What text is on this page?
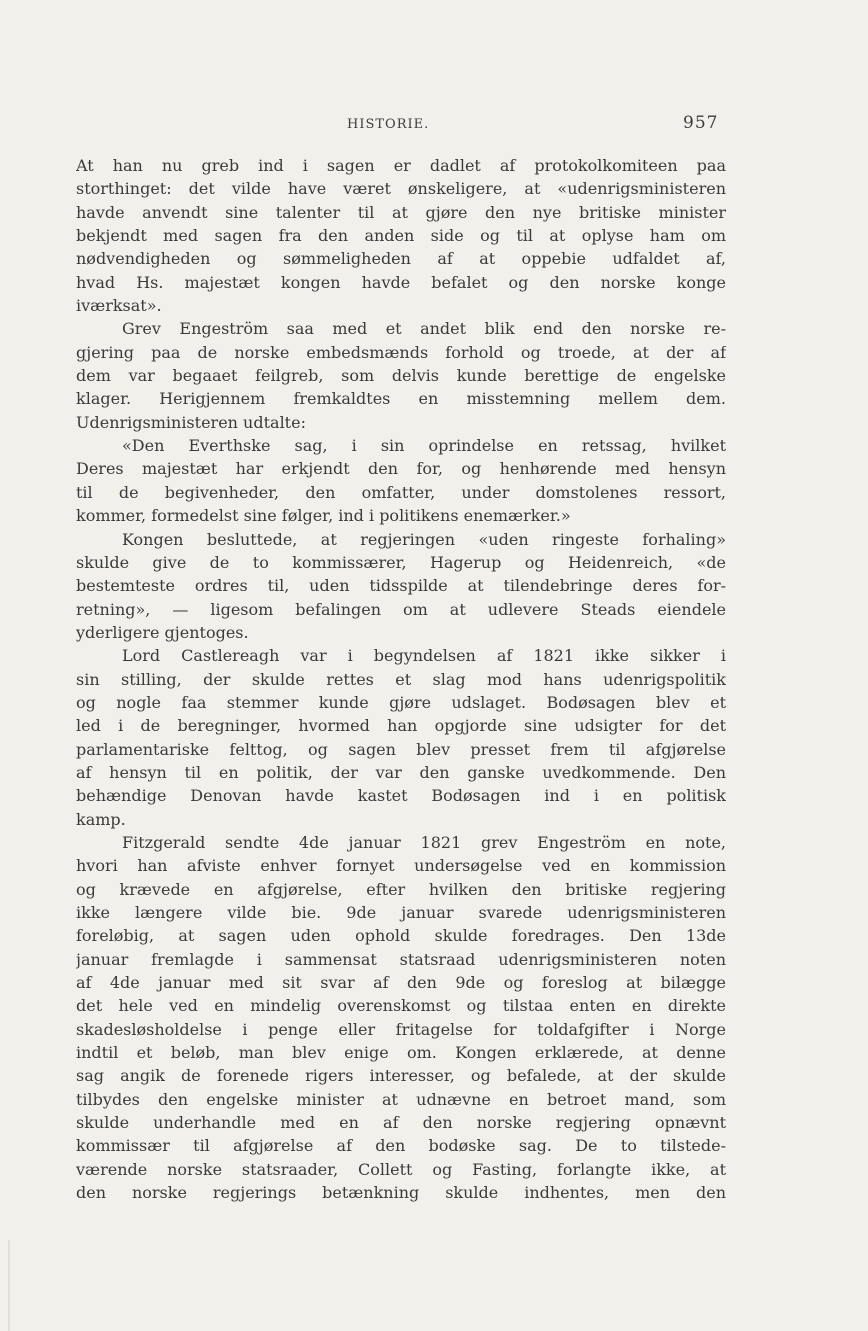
HISTORIE.	957
At han nu greb ind i sagen er dadlet af protokolkomiteen paa
storthinget: det vilde have været ønskeligere, at «udenrigsministeren
havde anvendt sine talenter til at gjøre den nye britiske minister
bekjendt med sagen fra den anden side og til at oplyse ham om
nødvendigheden og sømmeligheden af at oppebie udfaldet af,
hvad Hs. majestæt kongen havde befalet og den norske konge
iværksat».
Grev Engeström saa med et andet blik end den norske re-
gjering paa de norske embedsmænds forhold og troede, at der af
dem var begaaet feilgreb, som delvis kunde berettige de engelske
klager. Herigjennem fremkaldtes en misstemning mellem dem.
Udenrigsministeren udtalte:
«Den Everthske sag, i sin oprindelse en retssag, hvilket
Deres majestæt har erkjendt den for, og henhørende med hensyn
til de begivenheder, den omfatter, under domstolenes ressort,
kommer, formedelst sine følger, ind i politikens enemærker.»
Kongen besluttede, at regjeringen «uden ringeste forhaling»
skulde give de to kommissærer, Hagerup og Heidenreich, «de
bestemteste ordres til, uden tidsspilde at tilendebringe deres for-
retning», — ligesom befalingen om at udlevere Steads eiendele
yderligere gjentoges.
Lord Castlereagh var i begyndelsen af 1821 ikke sikker i
sin stilling, der skulde rettes et slag mod hans udenrigspolitik
og nogle faa stemmer kunde gjøre udslaget. Bodøsagen blev et
led i de beregninger, hvormed han opgjorde sine udsigter for det
parlamentariske felttog, og sagen blev presset frem til afgjørelse
af hensyn til en politik, der var den ganske uvedkommende. Den
behændige Denovan havde kastet Bodøsagen ind i en politisk
kamp.
Fitzgerald sendte 4de januar 1821 grev Engeström en note,
hvori han afviste enhver fornyet undersøgelse ved en kommission
og krævede en afgjørelse, efter hvilken den britiske regjering
ikke længere vilde bie. 9de januar svarede udenrigsministeren
foreløbig, at sagen uden ophold skulde foredrages. Den 13de
januar fremlagde i sammensat statsraad udenrigsministeren noten
af 4de januar med sit svar af den 9de og foreslog at bilægge
det hele ved en mindelig overenskomst og tilstaa enten en direkte
skadesløsholdelse i penge eller fritagelse for toldafgifter i Norge
indtil et beløb, man blev enige om. Kongen erklærede, at denne
sag angik de forenede rigers interesser, og befalede, at der skulde
tilbydes den engelske minister at udnævne en betroet mand, som
skulde underhandle med en af den norske regjering opnævnt
kommissær til afgjørelse af den bodøske sag. De to tilstede-
værende norske statsraader, Collett og Fasting, forlangte ikke, at
den norske regjerings betænkning skulde indhentes, men den
